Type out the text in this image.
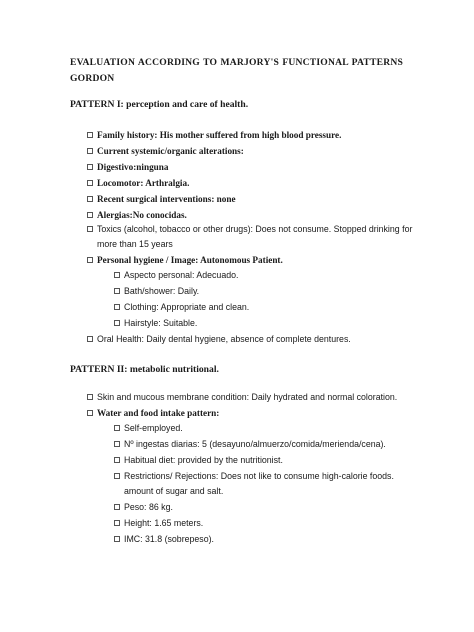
EVALUATION ACCORDING TO MARJORY'S FUNCTIONAL PATTERNS GORDON

PATTERN I: perception and care of health.

Family history: His mother suffered from high blood pressure.
Current systemic/organic alterations:
Digestivo:ninguna
Locomotor: Arthralgia.
Recent surgical interventions: none
Alergias:No conocidas.
Toxics (alcohol, tobacco or other drugs): Does not consume. Stopped drinking for
more than 15 years
Personal hygiene / Image: Autonomous Patient.
Aspecto personal: Adecuado.
Bath/shower: Daily.
Clothing: Appropriate and clean.
Hairstyle: Suitable.
Oral Health: Daily dental hygiene, absence of complete dentures.

PATTERN II: metabolic nutritional.

Skin and mucous membrane condition: Daily hydrated and normal coloration.
Water and food intake pattern:
Self-employed.
Nº ingestas diarias: 5 (desayuno/almuerzo/comida/merienda/cena).
Habitual diet: provided by the nutritionist.
Restrictions/ Rejections: Does not like to consume high-calorie foods.
amount of sugar and salt.
Peso: 86 kg.
Height: 1.65 meters.
IMC: 31.8 (sobrepeso).
